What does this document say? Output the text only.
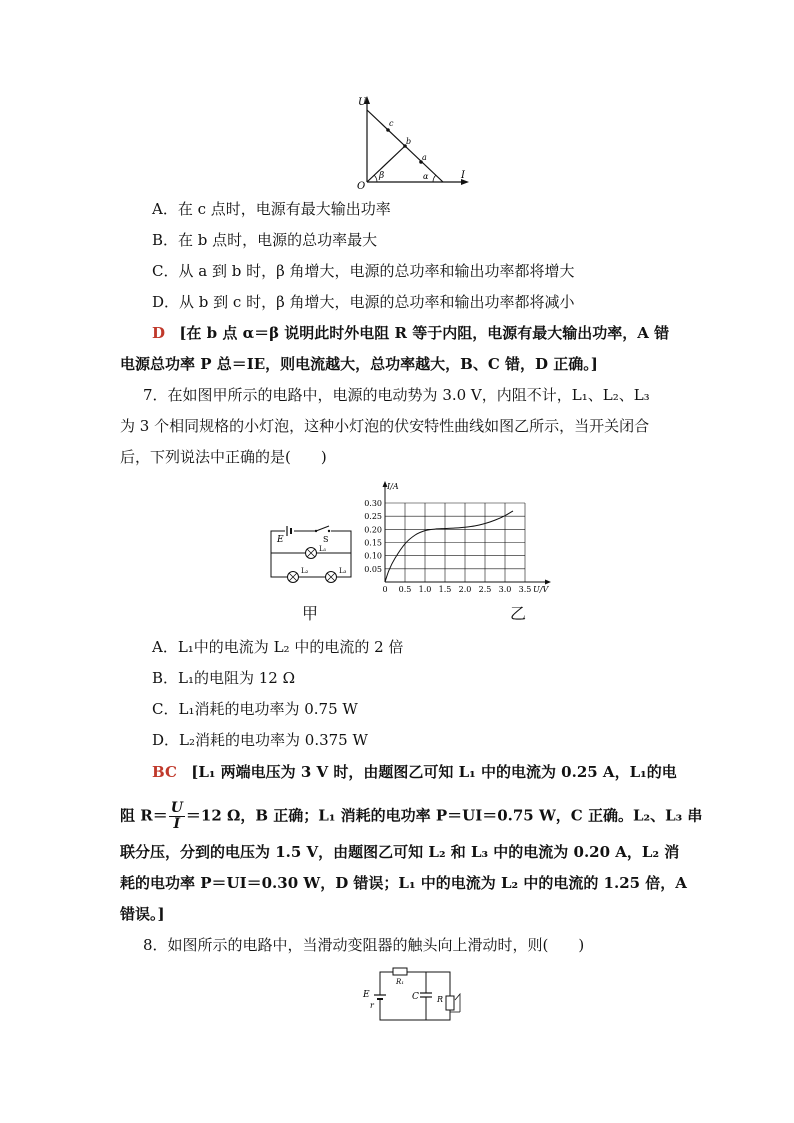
U
I
O
c
b
a
β	α
A．在 c 点时，电源有最大输出功率
B．在 b 点时，电源的总功率最大
C．从 a 到 b 时，β 角增大，电源的总功率和输出功率都将增大
D．从 b 到 c 时，β 角增大，电源的总功率和输出功率都将减小
D [在 b 点 α＝β 说明此时外电阻 R 等于内阻，电源有最大输出功率，A 错
电源总功率 P 总＝IE，则电流越大，总功率越大，B、C 错，D 正确。]
7．在如图甲所示的电路中，电源的电动势为 3.0 V，内阻不计，L₁、L₂、L₃
为 3 个相同规格的小灯泡，这种小灯泡的伏安特性曲线如图乙所示，当开关闭合
后，下列说法中正确的是(　　)
E	S
L₁
L₂	L₃
0 0.5 1.0 1.5 2.0 2.5 3.0 3.5
0.05
0.10
0.15
0.20
0.25
0.30
I/A
U/V
甲	乙
A．L₁中的电流为 L₂ 中的电流的 2 倍
B．L₁的电阻为 12 Ω
C．L₁消耗的电功率为 0.75 W
D．L₂消耗的电功率为 0.375 W
BC [L₁ 两端电压为 3 V 时，由题图乙可知 L₁ 中的电流为 0.25 A，L₁的电
阻 $R= \frac{U}{I} =12$ Ω，B 正确；L₁ 消耗的电功率 P＝UI＝0.75 W，C 正确。L₂、L₃ 串
联分压，分到的电压为 1.5 V，由题图乙可知 L₂ 和 L₃ 中的电流为 0.20 A，L₂ 消
耗的电功率 P＝UI＝0.30 W，D 错误；L₁ 中的电流为 L₂ 中的电流的 1.25 倍，A
错误。]
8．如图所示的电路中，当滑动变阻器的触头向上滑动时，则(　　)
E
r
R₁
C R
